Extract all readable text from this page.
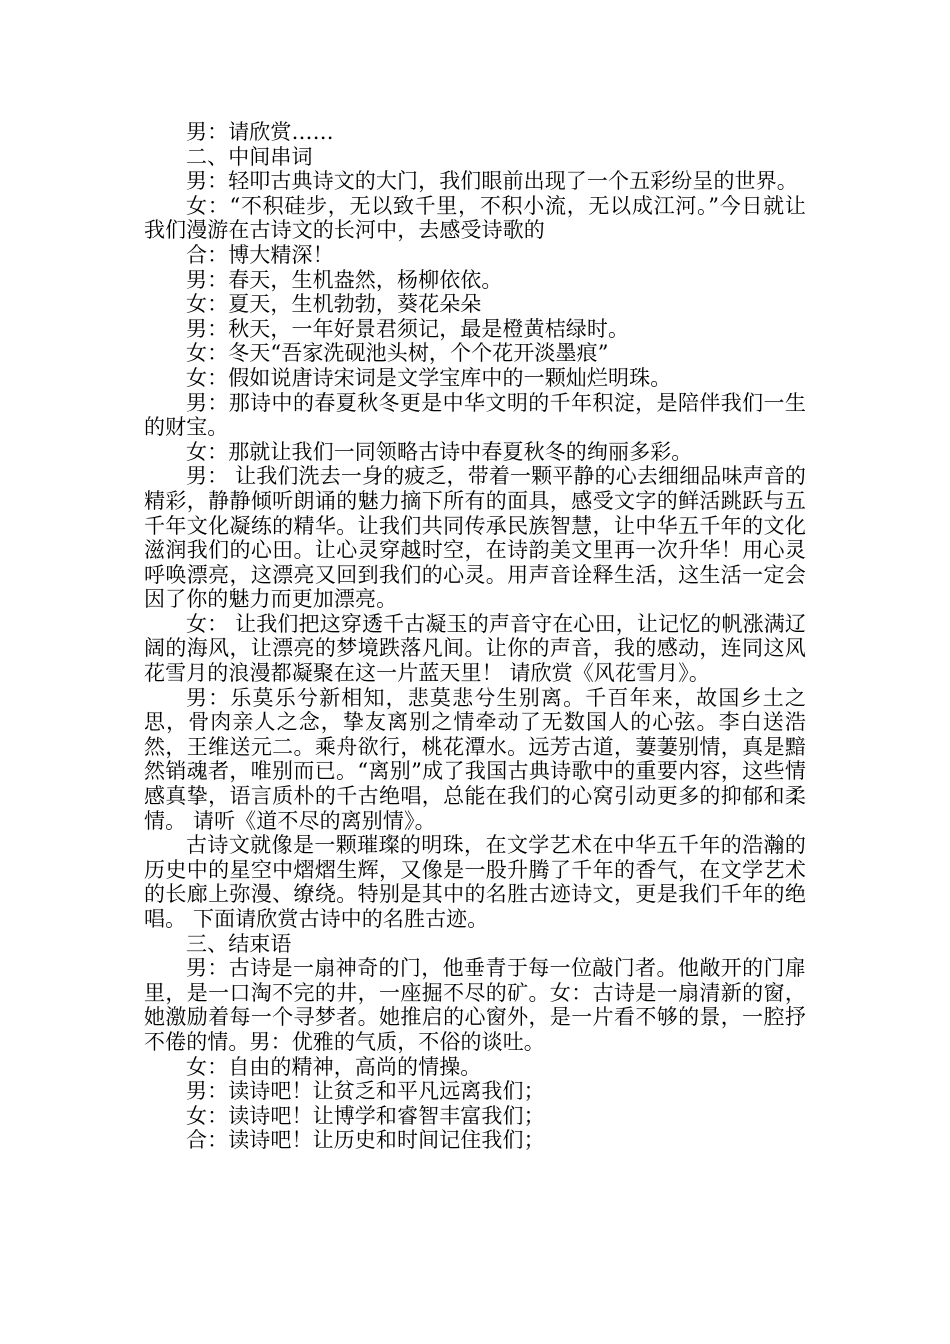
男：请欣赏……

二、中间串词

男：轻叩古典诗文的大门，我们眼前出现了一个五彩纷呈的世界。

女：“不积硅步，无以致千里，不积小流，无以成江河。”今日就让我们漫游在古诗文的长河中，去感受诗歌的

合：博大精深！

男：春天，生机盎然，杨柳依依。

女：夏天，生机勃勃，葵花朵朵

男：秋天，一年好景君须记，最是橙黄桔绿时。

女：冬天“吾家洗砚池头树，个个花开淡墨痕”

女：假如说唐诗宋词是文学宝库中的一颗灿烂明珠。

男：那诗中的春夏秋冬更是中华文明的千年积淀，是陪伴我们一生的财宝。

女：那就让我们一同领略古诗中春夏秋冬的绚丽多彩。

男： 让我们洗去一身的疲乏，带着一颗平静的心去细细品味声音的精彩，静静倾听朗诵的魅力摘下所有的面具，感受文字的鲜活跳跃与五千年文化凝练的精华。让我们共同传承民族智慧，让中华五千年的文化滋润我们的心田。让心灵穿越时空，在诗韵美文里再一次升华！用心灵呼唤漂亮，这漂亮又回到我们的心灵。用声音诠释生活，这生活一定会因了你的魅力而更加漂亮。

女： 让我们把这穿透千古凝玉的声音守在心田，让记忆的帆涨满辽阔的海风，让漂亮的梦境跌落凡间。让你的声音，我的感动，连同这风花雪月的浪漫都凝聚在这一片蓝天里！ 请欣赏《风花雪月》。

男：乐莫乐兮新相知，悲莫悲兮生别离。千百年来，故国乡土之思，骨肉亲人之念，挚友离别之情牵动了无数国人的心弦。李白送浩然，王维送元二。乘舟欲行，桃花潭水。远芳古道，萋萋别情，真是黯然销魂者，唯别而已。“离别”成了我国古典诗歌中的重要内容，这些情感真挚，语言质朴的千古绝唱，总能在我们的心窝引动更多的抑郁和柔情。 请听《道不尽的离别情》。

古诗文就像是一颗璀璨的明珠，在文学艺术在中华五千年的浩瀚的历史中的星空中熠熠生辉，又像是一股升腾了千年的香气，在文学艺术的长廊上弥漫、缭绕。特别是其中的名胜古迹诗文，更是我们千年的绝唱。 下面请欣赏古诗中的名胜古迹。

三、结束语

男：古诗是一扇神奇的门，他垂青于每一位敲门者。他敞开的门扉里，是一口淘不完的井，一座掘不尽的矿。女：古诗是一扇清新的窗，她激励着每一个寻梦者。她推启的心窗外，是一片看不够的景，一腔抒不倦的情。男：优雅的气质，不俗的谈吐。

女：自由的精神，高尚的情操。

男：读诗吧！让贫乏和平凡远离我们；

女：读诗吧！让博学和睿智丰富我们；

合：读诗吧！让历史和时间记住我们；
